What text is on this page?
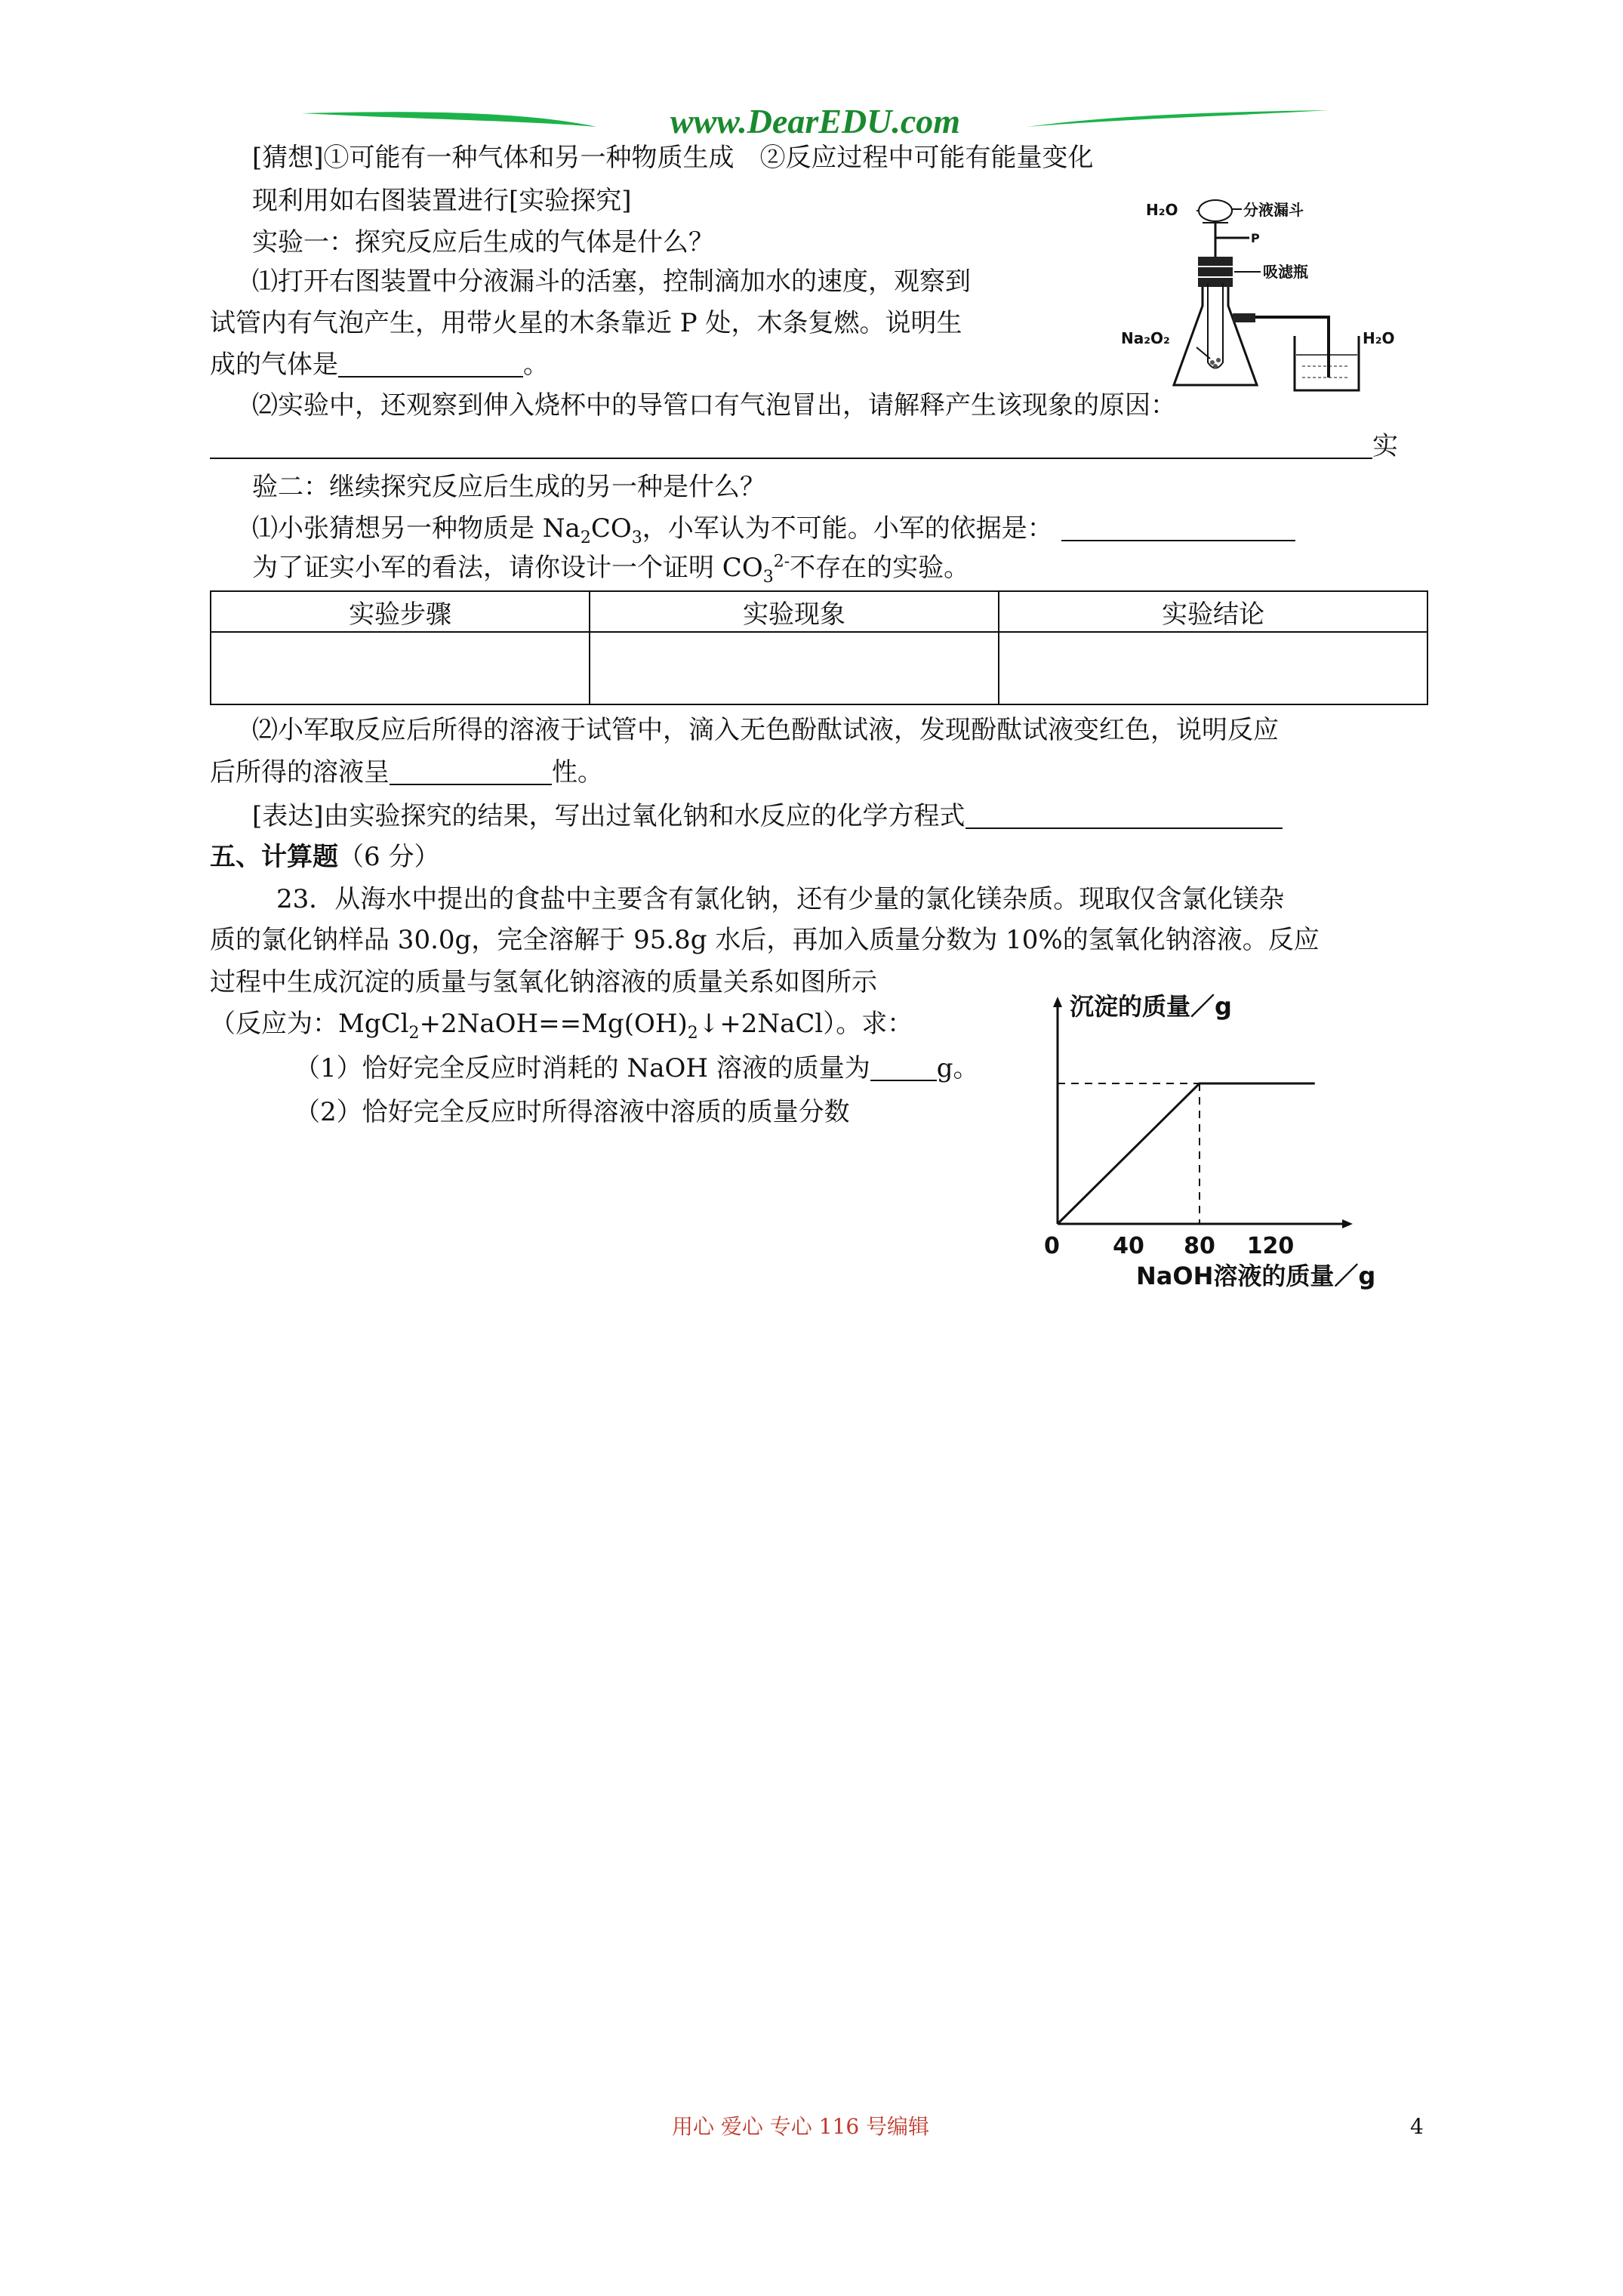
www.DearEDU.com
[猜想]①可能有一种气体和另一种物质生成　②反应过程中可能有能量变化
现利用如右图装置进行[实验探究]
实验一：探究反应后生成的气体是什么？
⑴打开右图装置中分液漏斗的活塞，控制滴加水的速度，观察到
试管内有气泡产生，用带火星的木条靠近 P 处，木条复燃。说明生
成的气体是	。
⑵实验中，还观察到伸入烧杯中的导管口有气泡冒出，请解释产生该现象的原因：
实
验二：继续探究反应后生成的另一种是什么？
⑴小张猜想另一种物质是 $Na_2CO_3$，小军认为不可能。小军的依据是：
为了证实小军的看法，请你设计一个证明 $CO_3^{2-}$不存在的实验。
实验步骤	实验现象	实验结论

⑵小军取反应后所得的溶液于试管中，滴入无色酚酞试液，发现酚酞试液变红色，说明反应
后所得的溶液呈	性。
[表达]由实验探究的结果，写出过氧化钠和水反应的化学方程式
五、计算题（6 分）
23．从海水中提出的食盐中主要含有氯化钠，还有少量的氯化镁杂质。现取仅含氯化镁杂
质的氯化钠样品 30.0g，完全溶解于 95.8g 水后，再加入质量分数为 10%的氢氧化钠溶液。反应
过程中生成沉淀的质量与氢氧化钠溶液的质量关系如图所示
（反应为：$MgCl_2+2NaOH==Mg(OH)_2↓+2NaCl$）。求：
（1）恰好完全反应时消耗的 NaOH 溶液的质量为	g。
（2）恰好完全反应时所得溶液中溶质的质量分数
H₂O	分液漏斗
P
吸滤瓶
Na₂O₂	H₂O
沉淀的质量／g
NaOH溶液的质量／g
0 40 80 120
用心 爱心 专心 116 号编辑	4
